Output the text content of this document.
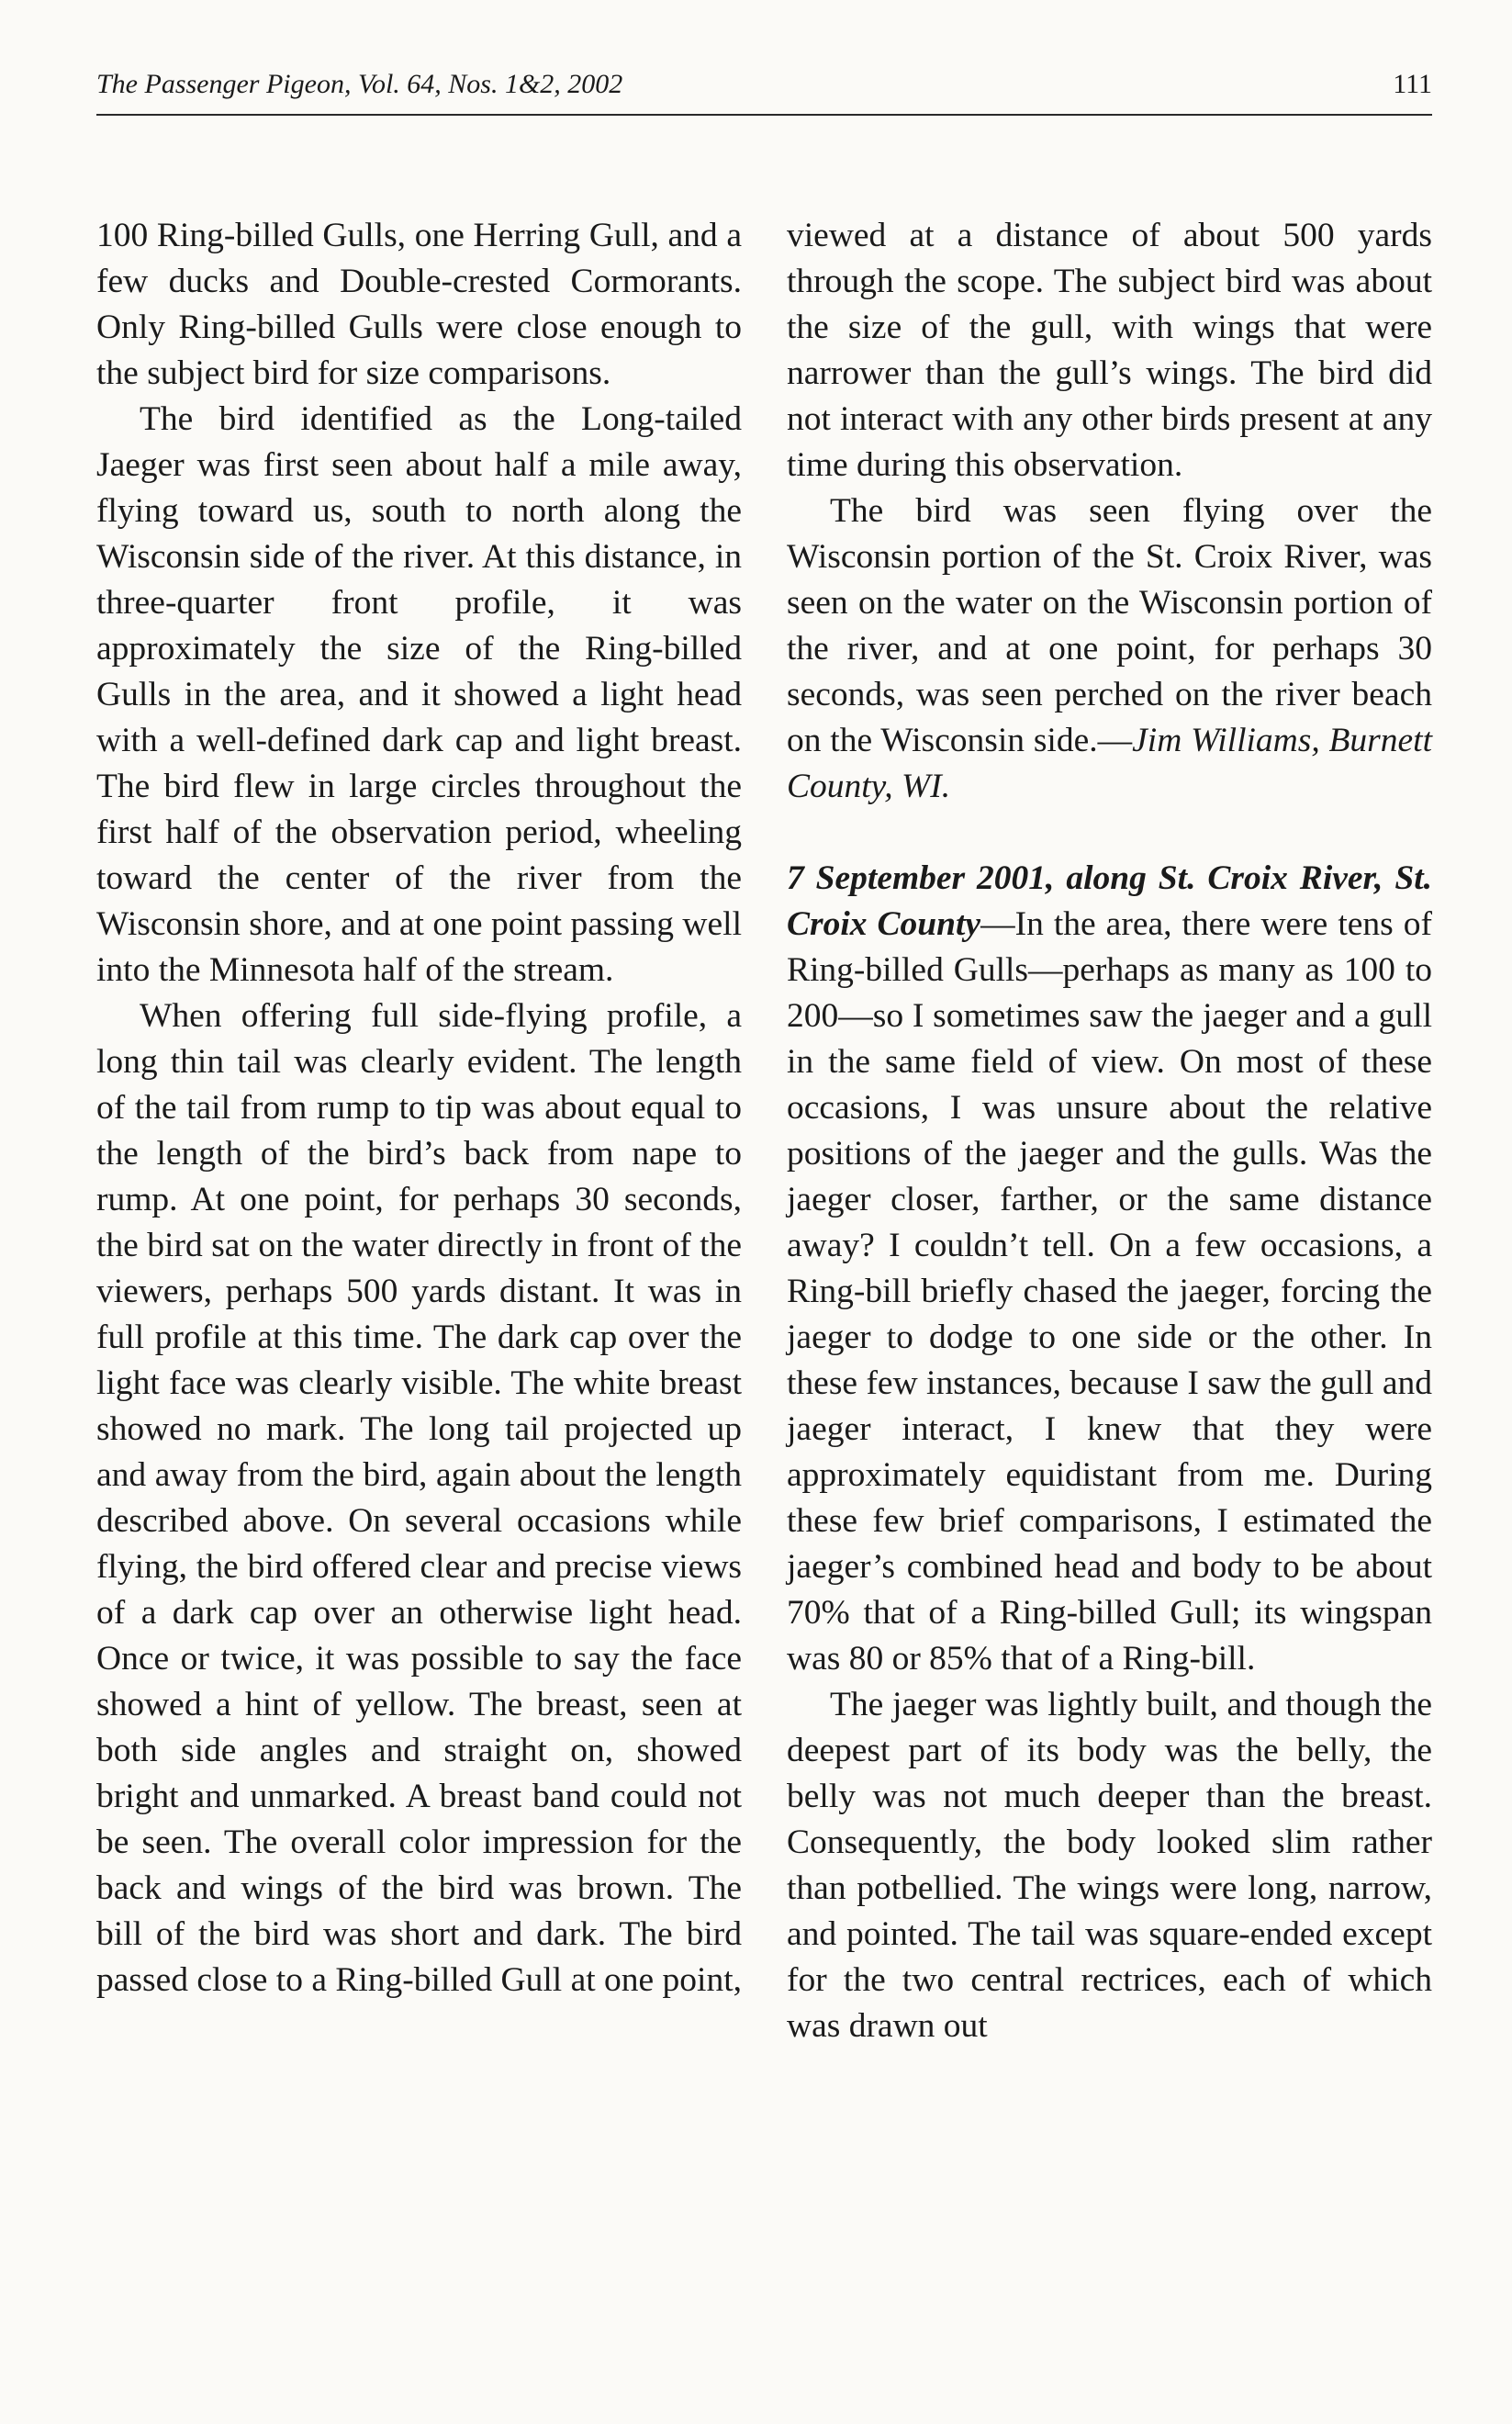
The Passenger Pigeon, Vol. 64, Nos. 1&2, 2002	111

100 Ring-billed Gulls, one Herring Gull, and a few ducks and Double-crested Cormorants. Only Ring-billed Gulls were close enough to the subject bird for size comparisons.

The bird identified as the Long-tailed Jaeger was first seen about half a mile away, flying toward us, south to north along the Wisconsin side of the river. At this distance, in three-quarter front profile, it was approximately the size of the Ring-billed Gulls in the area, and it showed a light head with a well-defined dark cap and light breast. The bird flew in large circles throughout the first half of the observation period, wheeling toward the center of the river from the Wisconsin shore, and at one point passing well into the Minnesota half of the stream.

When offering full side-flying profile, a long thin tail was clearly evident. The length of the tail from rump to tip was about equal to the length of the bird’s back from nape to rump. At one point, for perhaps 30 seconds, the bird sat on the water directly in front of the viewers, perhaps 500 yards distant. It was in full profile at this time. The dark cap over the light face was clearly visible. The white breast showed no mark. The long tail projected up and away from the bird, again about the length described above. On several occasions while flying, the bird offered clear and precise views of a dark cap over an otherwise light head. Once or twice, it was possible to say the face showed a hint of yellow. The breast, seen at both side angles and straight on, showed bright and unmarked. A breast band could not be seen. The overall color impression for the back and wings of the bird was brown. The bill of the bird was short and dark. The bird passed close to a Ring-billed Gull at one point,

viewed at a distance of about 500 yards through the scope. The subject bird was about the size of the gull, with wings that were narrower than the gull’s wings. The bird did not interact with any other birds present at any time during this observation.

The bird was seen flying over the Wisconsin portion of the St. Croix River, was seen on the water on the Wisconsin portion of the river, and at one point, for perhaps 30 seconds, was seen perched on the river beach on the Wisconsin side.—Jim Williams, Burnett County, WI.

7 September 2001, along St. Croix River, St. Croix County—In the area, there were tens of Ring-billed Gulls—perhaps as many as 100 to 200—so I sometimes saw the jaeger and a gull in the same field of view. On most of these occasions, I was unsure about the relative positions of the jaeger and the gulls. Was the jaeger closer, farther, or the same distance away? I couldn’t tell. On a few occasions, a Ring-bill briefly chased the jaeger, forcing the jaeger to dodge to one side or the other. In these few instances, because I saw the gull and jaeger interact, I knew that they were approximately equidistant from me. During these few brief comparisons, I estimated the jaeger’s combined head and body to be about 70% that of a Ring-billed Gull; its wingspan was 80 or 85% that of a Ring-bill.

The jaeger was lightly built, and though the deepest part of its body was the belly, the belly was not much deeper than the breast. Consequently, the body looked slim rather than potbellied. The wings were long, narrow, and pointed. The tail was square-ended except for the two central rectrices, each of which was drawn out
